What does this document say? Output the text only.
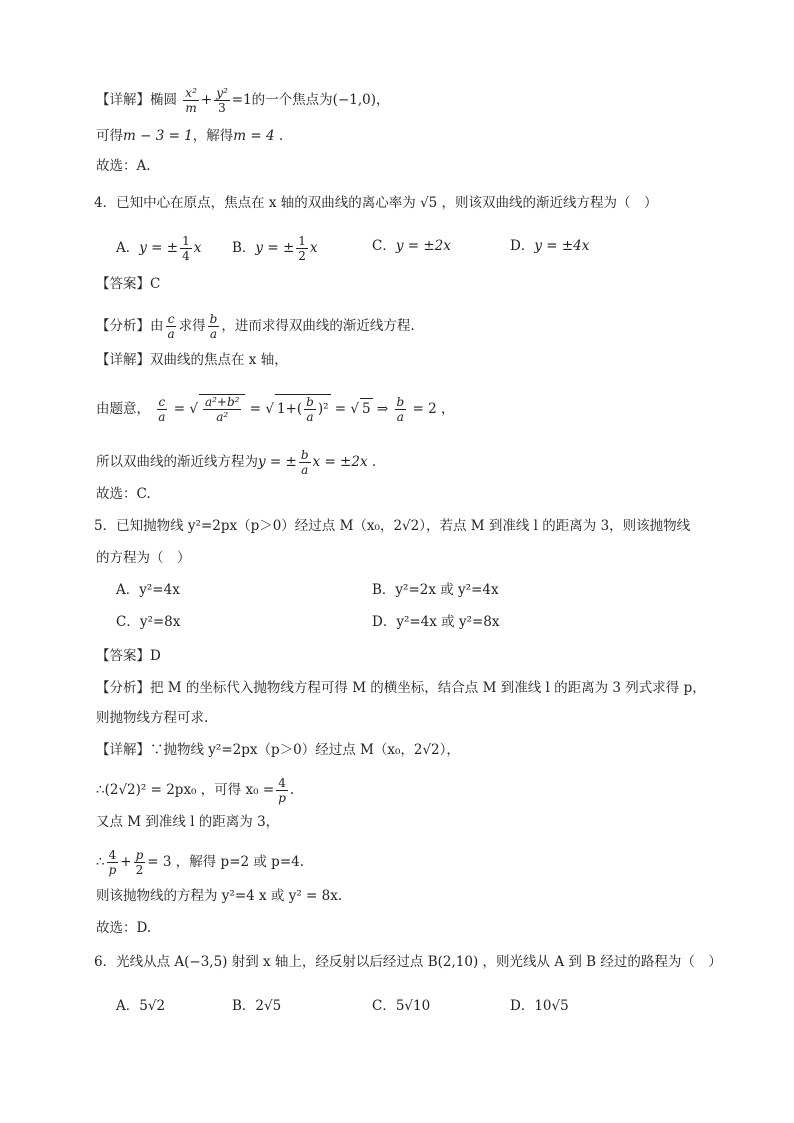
【详解】椭圆 $\frac{\text{x²}}{m} + \frac{\text{y²}}{3} =1$的一个焦点为(−1,0)，
可得m − 3 = 1，解得m = 4 .
故选：A.
4．已知中心在原点，焦点在 x 轴的双曲线的离心率为 √5 ，则该双曲线的渐近线方程为（　）
A．y = ± $\frac{1}{4}$ x B．y = ± $\frac{1}{2}$ x	C．y = ±2x	D．y = ±4x
【答案】C
【分析】由 $\frac{c}{a}$ 求得 $\frac{b}{a}$ ，进而求得双曲线的渐近线方程.
【详解】双曲线的焦点在 x 轴，
由题意， $\frac{c}{a}$ = √ $\frac{\text{a²+b²}}{\text{a²}}$ = √ $1+( \frac{b}{a} )^2$ = √ 5 ⇒ $\frac{b}{a} = 2$ ，
所以双曲线的渐近线方程为y = ± $\frac{b}{a}$ x = ±2x .
故选：C.
5．已知抛物线 y²=2px（p＞0）经过点 M（x₀，2√2），若点 M 到准线 l 的距离为 3，则该抛物线
的方程为（　）
A．y²=4x	B．y²=2x 或 y²=4x
C．y²=8x	D．y²=4x 或 y²=8x
【答案】D
【分析】把 M 的坐标代入抛物线方程可得 M 的横坐标，结合点 M 到准线 l 的距离为 3 列式求得 p，
则抛物线方程可求.
【详解】∵抛物线 y²=2px（p＞0）经过点 M（x₀，2√2），
∴(2√2)² = 2px₀ ，可得 $x_0 = \frac{4}{p}$ .
又点 M 到准线 l 的距离为 3，
∴ $\frac{4}{p} + \frac{p}{2} = 3$ ，解得 p=2 或 p=4.
则该抛物线的方程为 y²=4 x 或 y² = 8x.
故选：D.
6．光线从点 A(−3,5) 射到 x 轴上，经反射以后经过点 B(2,10) ，则光线从 A 到 B 经过的路程为（　）
A．5√2	B．2√5	C．5√10	D．10√5
